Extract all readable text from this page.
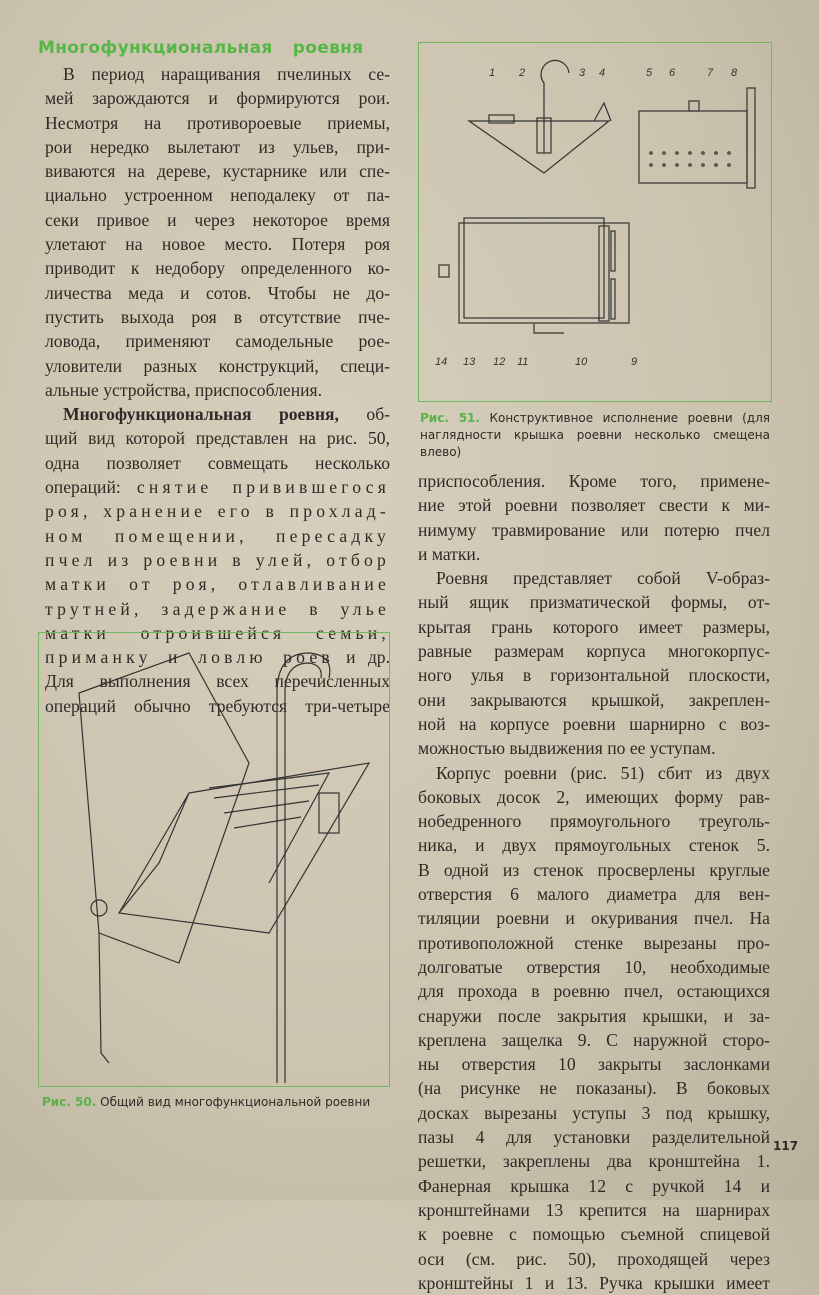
Многофункциональная роевня
В период наращивания пчелиных се-
мей зарождаются и формируются рои.
Несмотря на противороевые приемы,
рои нередко вылетают из ульев, при-
виваются на дереве, кустарнике или спе-
циально устроенном неподалеку от па-
секи привое и через некоторое время
улетают на новое место. Потеря роя
приводит к недобору определенного ко-
личества меда и сотов. Чтобы не до-
пустить выхода роя в отсутствие пче-
ловода, применяют самодельные рое-
уловители разных конструкций, специ-
альные устройства, приспособления.
Многофункциональная роевня, об-
щий вид которой представлен на рис. 50,
одна позволяет совмещать несколько
операций: снятие привившегося
роя, хранение его в прохлад-
ном помещении, пересадку
пчел из роевни в улей, отбор
матки от роя, отлавливание
трутней, задержание в улье
матки отроившейся семьи,
приманку и ловлю роев и др.
Для выполнения всех перечисленных
операций обычно требуются три-четыре
1 2	3 4	5 6	7 8
14 13 12 11	10	9
Рис. 51. Конструктивное исполнение роевни (для наглядности крышка роевни несколько смещена влево)
приспособления. Кроме того, примене-
ние этой роевни позволяет свести к ми-
нимуму травмирование или потерю пчел
и матки.
Роевня представляет собой V-образ-
ный ящик призматической формы, от-
крытая грань которого имеет размеры,
равные размерам корпуса многокорпус-
ного улья в горизонтальной плоскости,
они закрываются крышкой, закреплен-
ной на корпусе роевни шарнирно с воз-
можностью выдвижения по ее уступам.
Корпус роевни (рис. 51) сбит из двух
боковых досок 2, имеющих форму рав-
нобедренного прямоугольного треуголь-
ника, и двух прямоугольных стенок 5.
В одной из стенок просверлены круглые
отверстия 6 малого диаметра для вен-
тиляции роевни и окуривания пчел. На
противоположной стенке вырезаны про-
долговатые отверстия 10, необходимые
для прохода в роевню пчел, остающихся
снаружи после закрытия крышки, и за-
креплена защелка 9. С наружной сторо-
ны отверстия 10 закрыты заслонками
(на рисунке не показаны). В боковых
досках вырезаны уступы 3 под крышку,
пазы 4 для установки разделительной
решетки, закреплены два кронштейна 1.
Фанерная крышка 12 с ручкой 14 и
кронштейнами 13 крепится на шарнирах
к роевне с помощью съемной спицевой
оси (см. рис. 50), проходящей через
кронштейны 1 и 13. Ручка крышки имеет
Рис. 50. Общий вид многофункциональной роевни
117
